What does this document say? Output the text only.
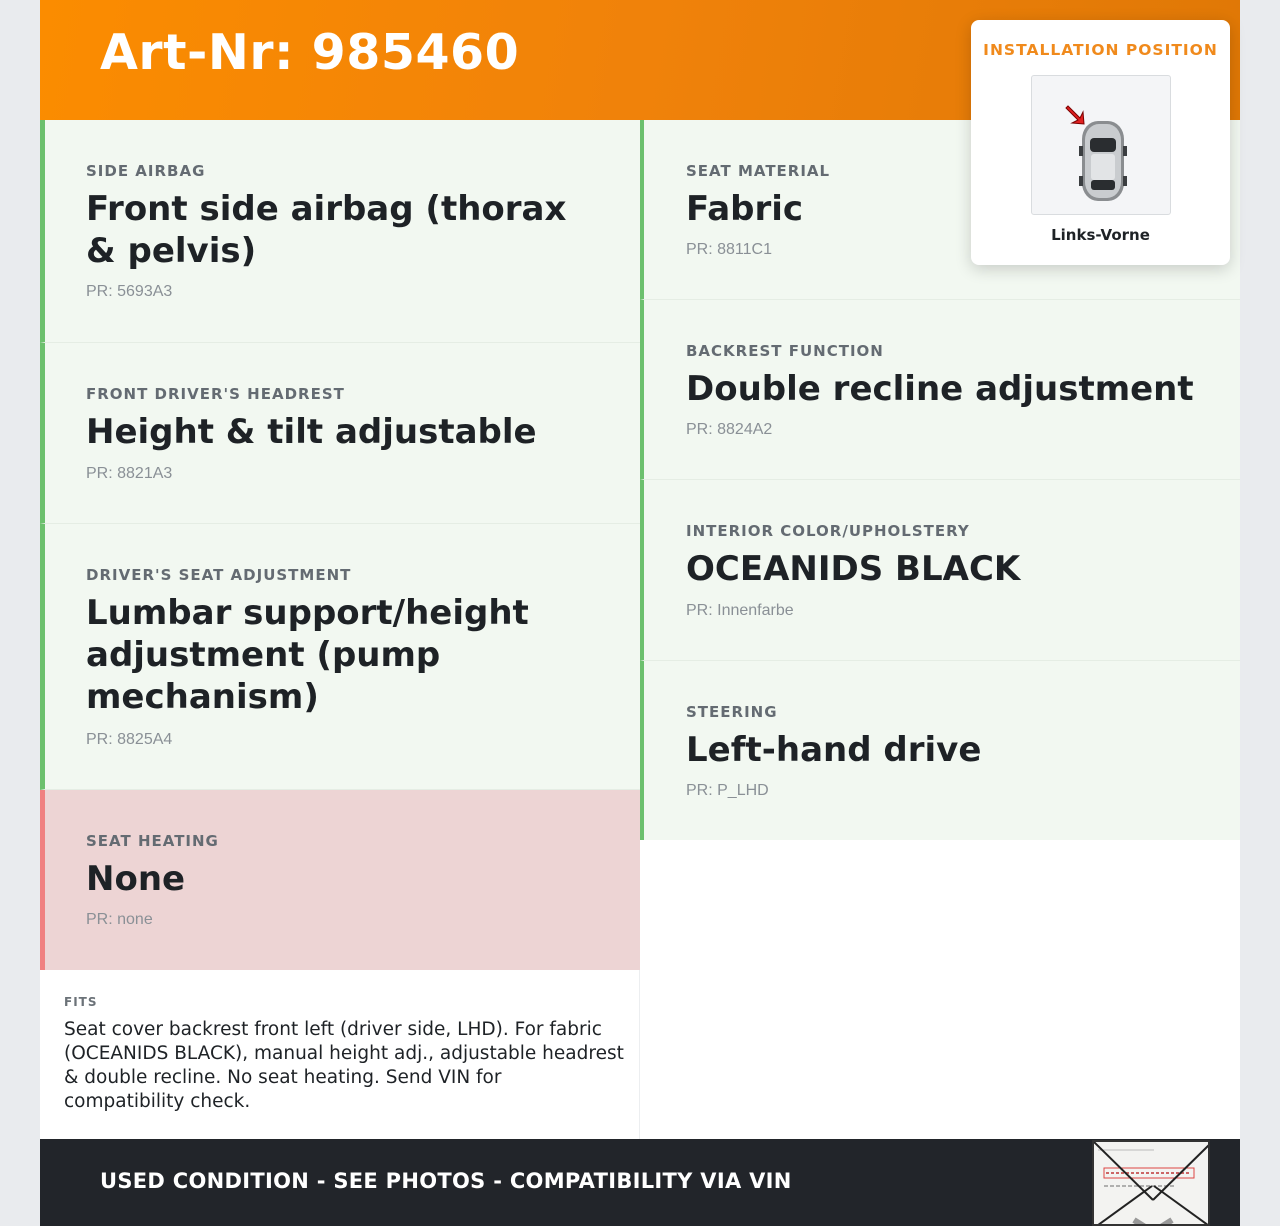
Art-Nr: 985460
SIDE AIRBAG
Front side airbag (thorax & pelvis)
PR: 5693A3
FRONT DRIVER'S HEADREST
Height & tilt adjustable
PR: 8821A3
DRIVER'S SEAT ADJUSTMENT
Lumbar support/height adjustment (pump mechanism)
PR: 8825A4
SEAT HEATING
None
PR: none
SEAT MATERIAL
Fabric
PR: 8811C1
BACKREST FUNCTION
Double recline adjustment
PR: 8824A2
INTERIOR COLOR/UPHOLSTERY
OCEANIDS BLACK
PR: Innenfarbe
STEERING
Left-hand drive
PR: P_LHD
FITS
Seat cover backrest front left (driver side, LHD). For fabric (OCEANIDS BLACK), manual height adj., adjustable headrest & double recline. No seat heating. Send VIN for compatibility check.
USED CONDITION - SEE PHOTOS - COMPATIBILITY VIA VIN
INSTALLATION POSITION
Links-Vorne
